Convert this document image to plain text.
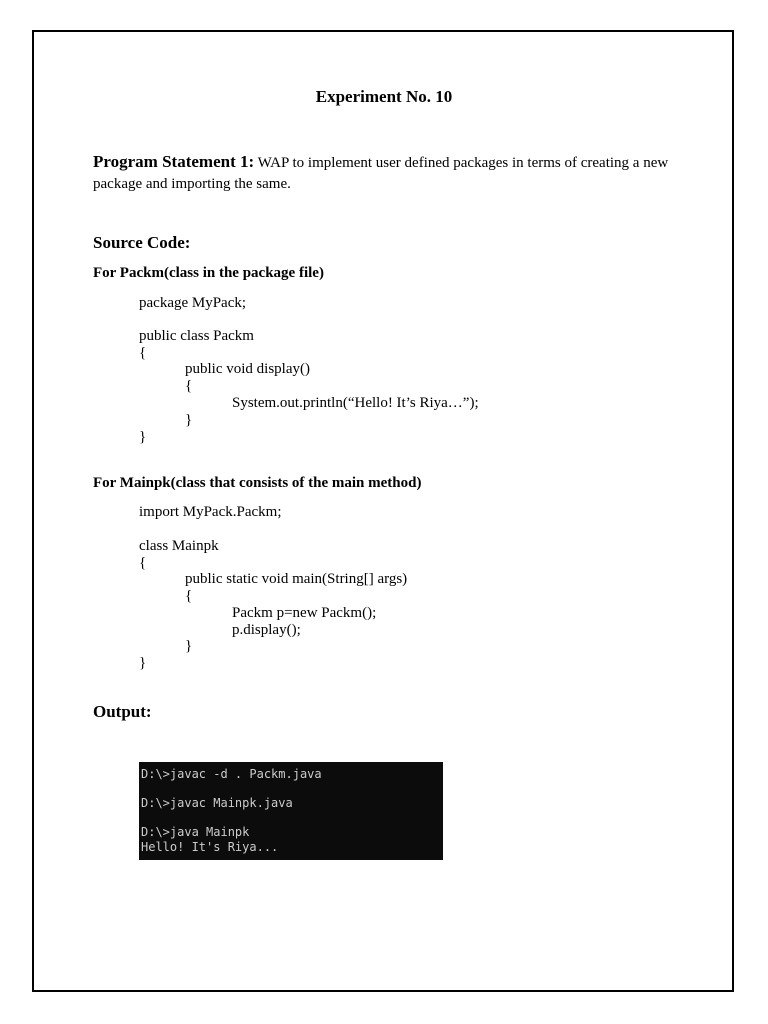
Experiment No. 10
Program Statement 1: WAP to implement user defined packages in terms of creating a new package and importing the same.
Source Code:
For Packm(class in the package file)
package MyPack;
public class Packm
{
public void display()
{
System.out.println(“Hello! It’s Riya…”);
}
}
For Mainpk(class that consists of the main method)
import MyPack.Packm;
class Mainpk
{
public static void main(String[] args)
{
Packm p=new Packm();
p.display();
}
}
Output:
D:\>javac -d . Packm.java
D:\>javac Mainpk.java
D:\>java Mainpk
Hello! It's Riya...
